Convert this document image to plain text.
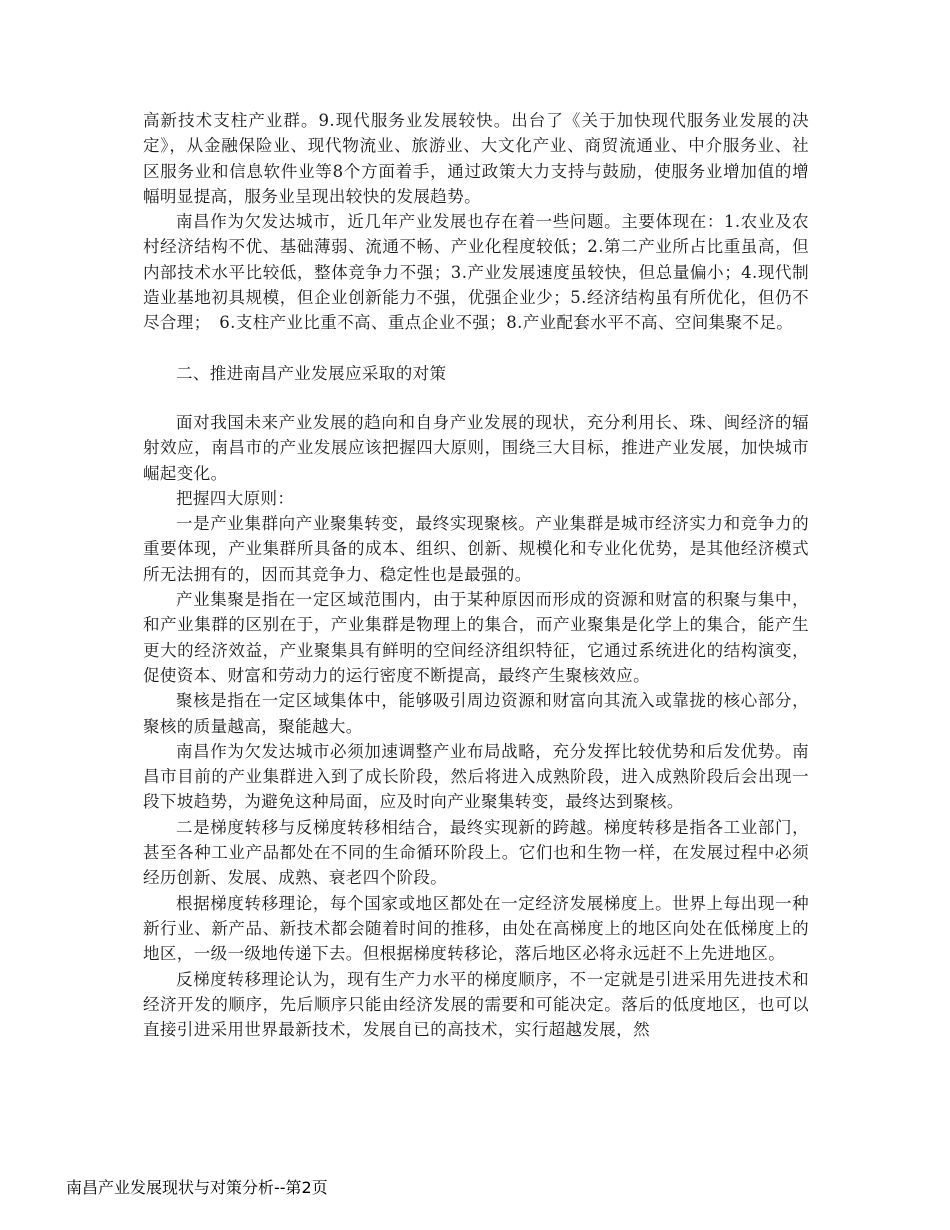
高新技术支柱产业群。9.现代服务业发展较快。出台了《关于加快现代服务业发展的决定》，从金融保险业、现代物流业、旅游业、大文化产业、商贸流通业、中介服务业、社区服务业和信息软件业等8个方面着手，通过政策大力支持与鼓励，使服务业增加值的增幅明显提高，服务业呈现出较快的发展趋势。

南昌作为欠发达城市，近几年产业发展也存在着一些问题。主要体现在：1.农业及农村经济结构不优、基础薄弱、流通不畅、产业化程度较低；2.第二产业所占比重虽高，但内部技术水平比较低，整体竞争力不强；3.产业发展速度虽较快，但总量偏小；4.现代制造业基地初具规模，但企业创新能力不强，优强企业少；5.经济结构虽有所优化，但仍不尽合理；　6.支柱产业比重不高、重点企业不强；8.产业配套水平不高、空间集聚不足。

二、推进南昌产业发展应采取的对策

面对我国未来产业发展的趋向和自身产业发展的现状，充分利用长、珠、闽经济的辐射效应，南昌市的产业发展应该把握四大原则，围绕三大目标，推进产业发展，加快城市崛起变化。

把握四大原则：

一是产业集群向产业聚集转变，最终实现聚核。产业集群是城市经济实力和竞争力的重要体现，产业集群所具备的成本、组织、创新、规模化和专业化优势，是其他经济模式所无法拥有的，因而其竞争力、稳定性也是最强的。

产业集聚是指在一定区域范围内，由于某种原因而形成的资源和财富的积聚与集中，和产业集群的区别在于，产业集群是物理上的集合，而产业聚集是化学上的集合，能产生更大的经济效益，产业聚集具有鲜明的空间经济组织特征，它通过系统进化的结构演变，促使资本、财富和劳动力的运行密度不断提高，最终产生聚核效应。

聚核是指在一定区域集体中，能够吸引周边资源和财富向其流入或靠拢的核心部分，聚核的质量越高，聚能越大。

南昌作为欠发达城市必须加速调整产业布局战略，充分发挥比较优势和后发优势。南昌市目前的产业集群进入到了成长阶段，然后将进入成熟阶段，进入成熟阶段后会出现一段下坡趋势，为避免这种局面，应及时向产业聚集转变，最终达到聚核。

二是梯度转移与反梯度转移相结合，最终实现新的跨越。梯度转移是指各工业部门，甚至各种工业产品都处在不同的生命循环阶段上。它们也和生物一样，在发展过程中必须经历创新、发展、成熟、衰老四个阶段。

根据梯度转移理论，每个国家或地区都处在一定经济发展梯度上。世界上每出现一种新行业、新产品、新技术都会随着时间的推移，由处在高梯度上的地区向处在低梯度上的地区，一级一级地传递下去。但根据梯度转移论，落后地区必将永远赶不上先进地区。

反梯度转移理论认为，现有生产力水平的梯度顺序，不一定就是引进采用先进技术和经济开发的顺序，先后顺序只能由经济发展的需要和可能决定。落后的低度地区，也可以直接引进采用世界最新技术，发展自已的高技术，实行超越发展，然

南昌产业发展现状与对策分析--第2页
